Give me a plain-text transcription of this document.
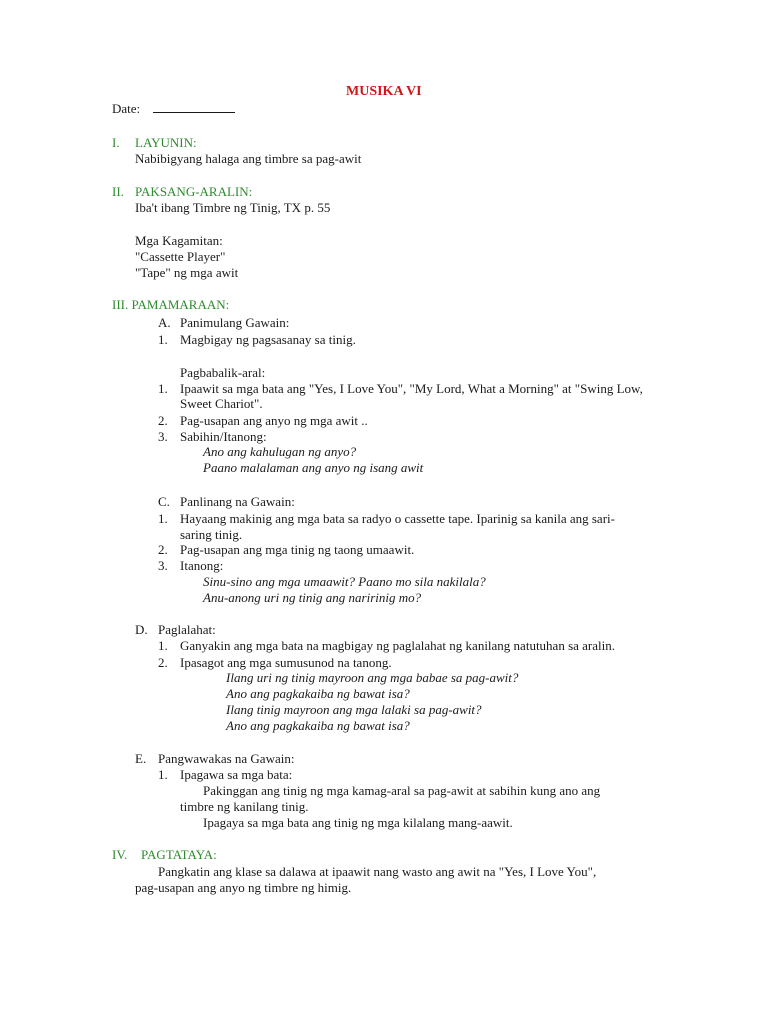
MUSIKA VI
Date:
I. LAYUNIN:
Nabibigyang halaga ang timbre sa pag-awit
II. PAKSANG-ARALIN:
Iba't ibang Timbre ng Tinig, TX p. 55
Mga Kagamitan:
"Cassette Player"
"Tape" ng mga awit
III. PAMAMARAAN:
A. Panimulang Gawain:
1. Magbigay ng pagsasanay sa tinig.
Pagbabalik-aral:
1. Ipaawit sa mga bata ang "Yes, I Love You", "My Lord, What a Morning" at "Swing Low,
Sweet Chariot".
2. Pag-usapan ang anyo ng mga awit ..
3. Sabihin/Itanong:
Ano ang kahulugan ng anyo?
Paano malalaman ang anyo ng isang awit
C. Panlinang na Gawain:
1. Hayaang makinig ang mga bata sa radyo o cassette tape. Iparinig sa kanila ang sari-
saring tinig.
2. Pag-usapan ang mga tinig ng taong umaawit.
3. Itanong:
Sinu-sino ang mga umaawit? Paano mo sila nakilala?
Anu-anong uri ng tinig ang naririnig mo?
D. Paglalahat:
1. Ganyakin ang mga bata na magbigay ng paglalahat ng kanilang natutuhan sa aralin.
2. Ipasagot ang mga sumusunod na tanong.
Ilang uri ng tinig mayroon ang mga babae sa pag-awit?
Ano ang pagkakaiba ng bawat isa?
Ilang tinig mayroon ang mga lalaki sa pag-awit?
Ano ang pagkakaiba ng bawat isa?
E. Pangwawakas na Gawain:
1. Ipagawa sa mga bata:
Pakinggan ang tinig ng mga kamag-aral sa pag-awit at sabihin kung ano ang
timbre ng kanilang tinig.
Ipagaya sa mga bata ang tinig ng mga kilalang mang-aawit.
IV. PAGTATAYA:
Pangkatin ang klase sa dalawa at ipaawit nang wasto ang awit na "Yes, I Love You",
pag-usapan ang anyo ng timbre ng himig.
